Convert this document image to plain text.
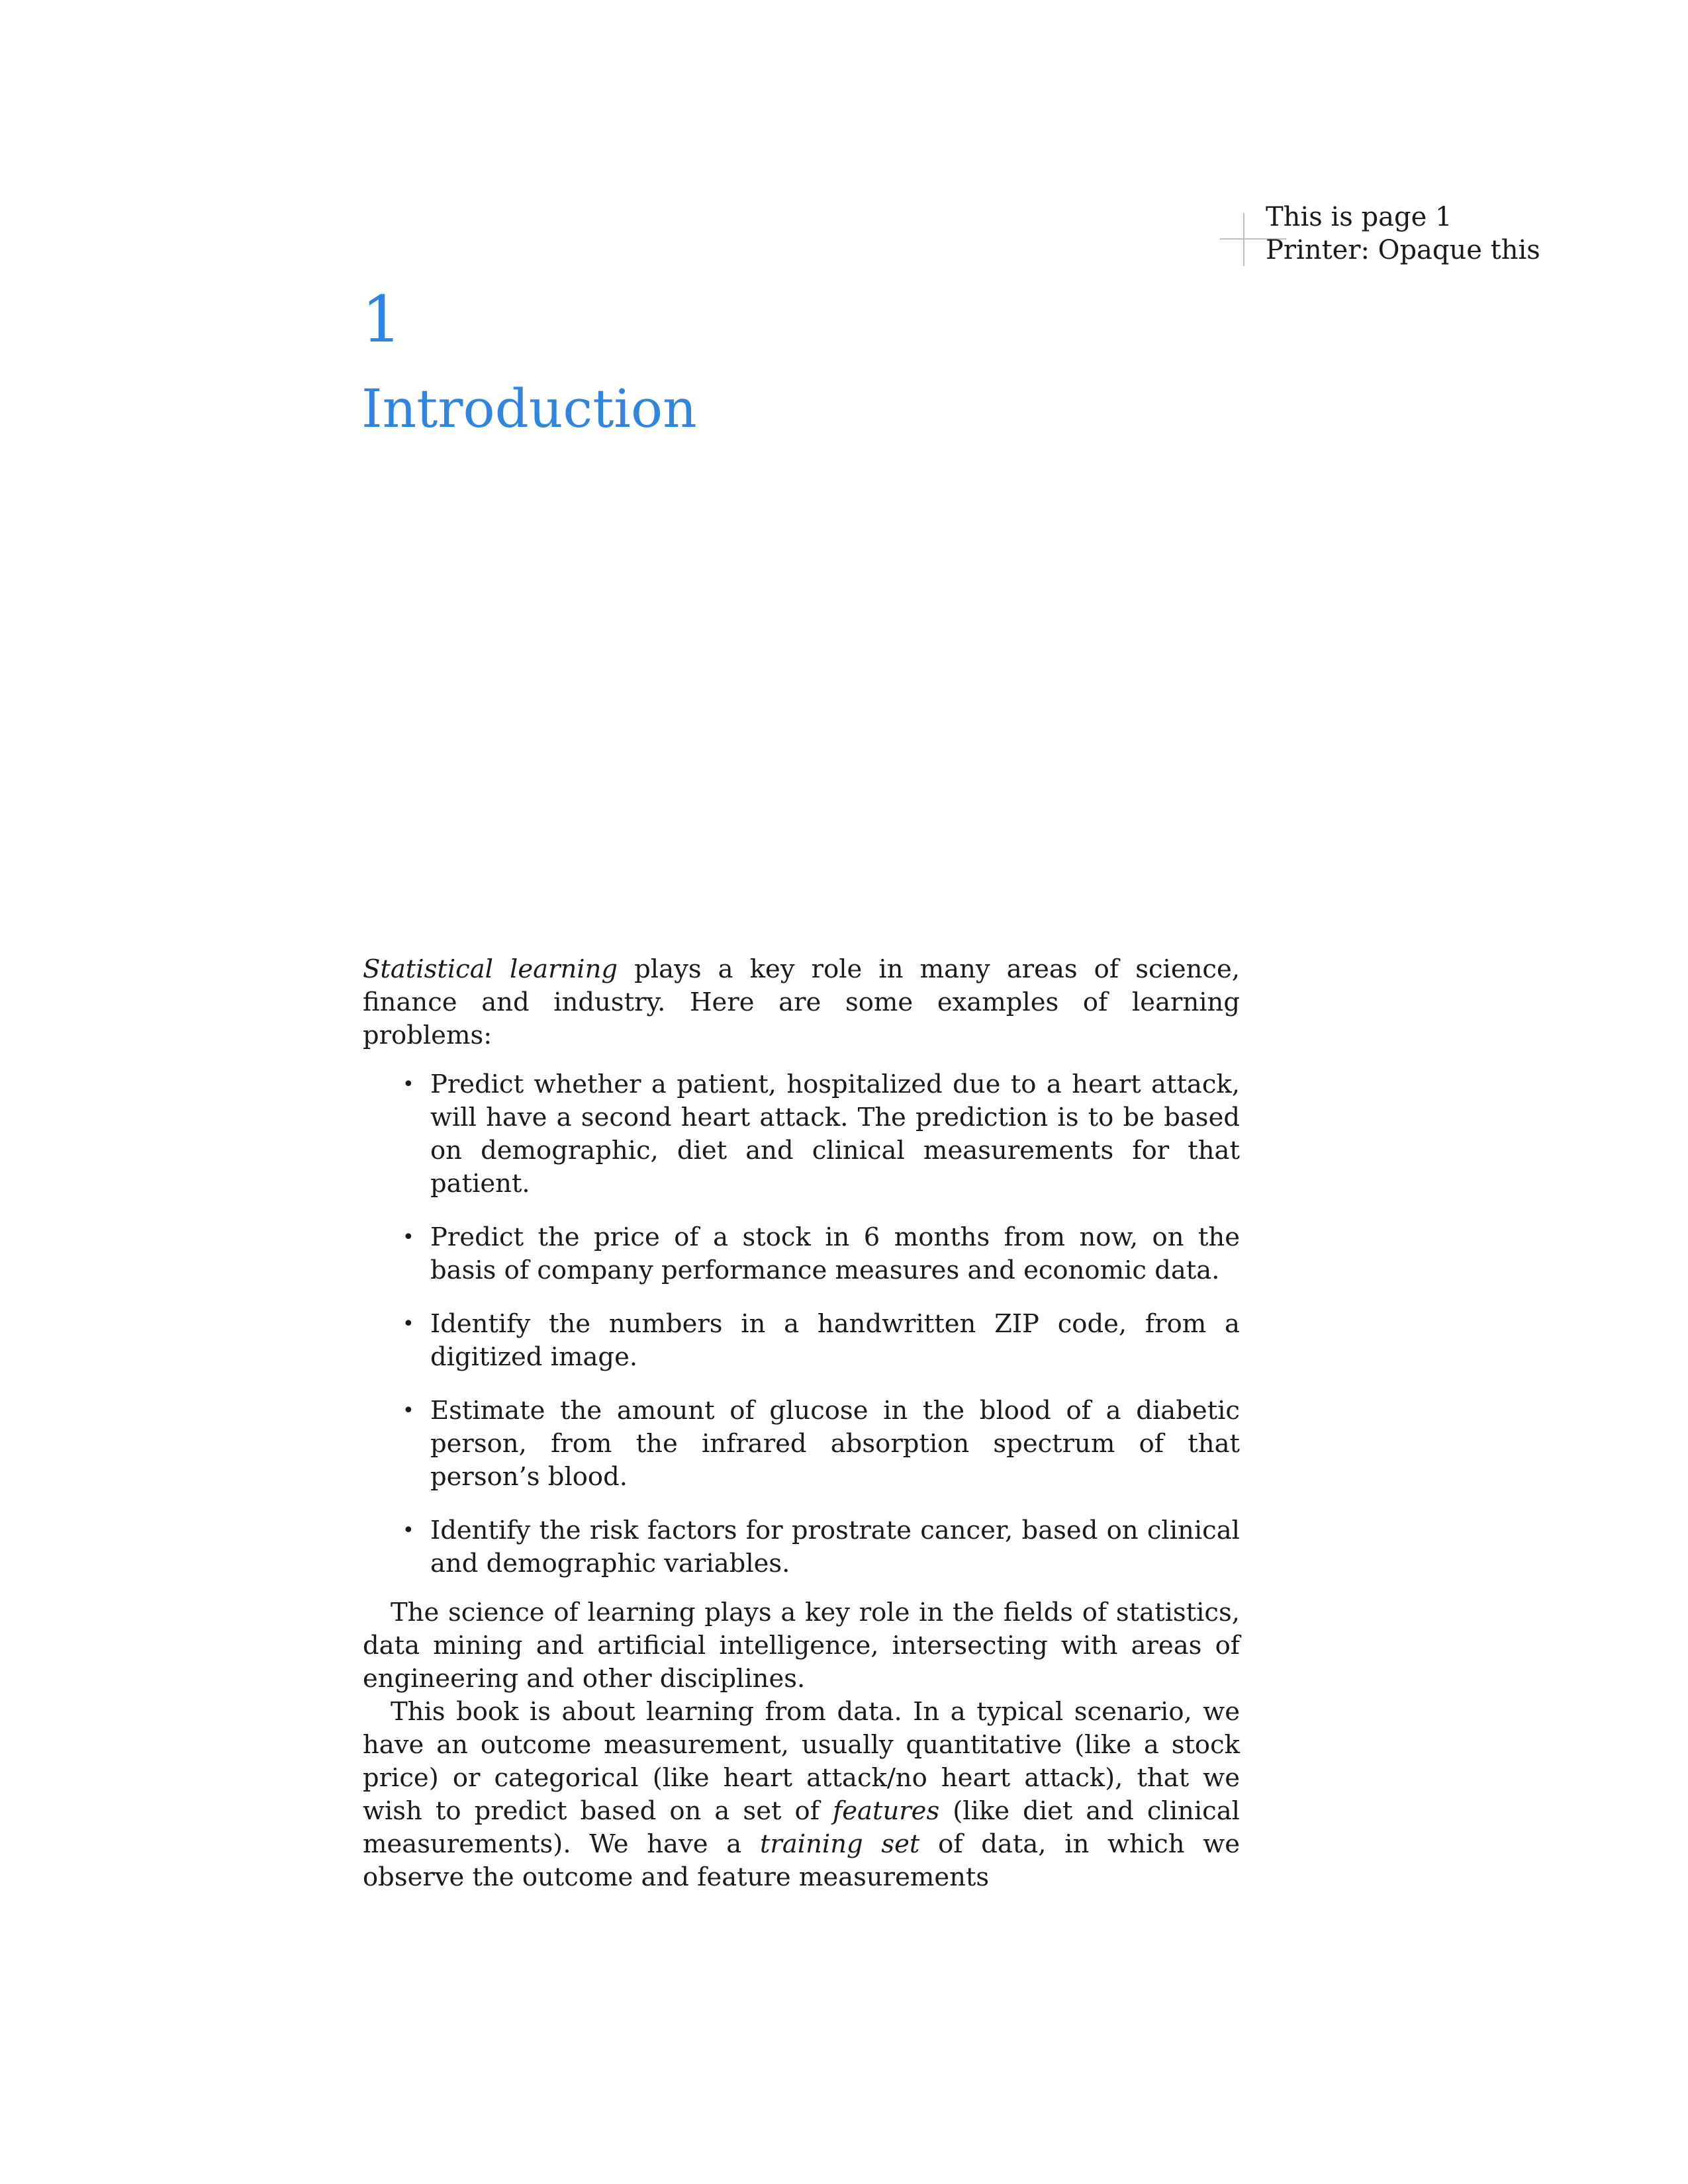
This is page 1
Printer: Opaque this
1
Introduction

Statistical learning plays a key role in many areas of science, finance and industry. Here are some examples of learning problems:

• Predict whether a patient, hospitalized due to a heart attack, will have a second heart attack. The prediction is to be based on demographic, diet and clinical measurements for that patient.
• Predict the price of a stock in 6 months from now, on the basis of company performance measures and economic data.
• Identify the numbers in a handwritten ZIP code, from a digitized image.
• Estimate the amount of glucose in the blood of a diabetic person, from the infrared absorption spectrum of that person’s blood.
• Identify the risk factors for prostrate cancer, based on clinical and demographic variables.

The science of learning plays a key role in the fields of statistics, data mining and artificial intelligence, intersecting with areas of engineering and other disciplines.

This book is about learning from data. In a typical scenario, we have an outcome measurement, usually quantitative (like a stock price) or categorical (like heart attack/no heart attack), that we wish to predict based on a set of features (like diet and clinical measurements). We have a training set of data, in which we observe the outcome and feature measurements
